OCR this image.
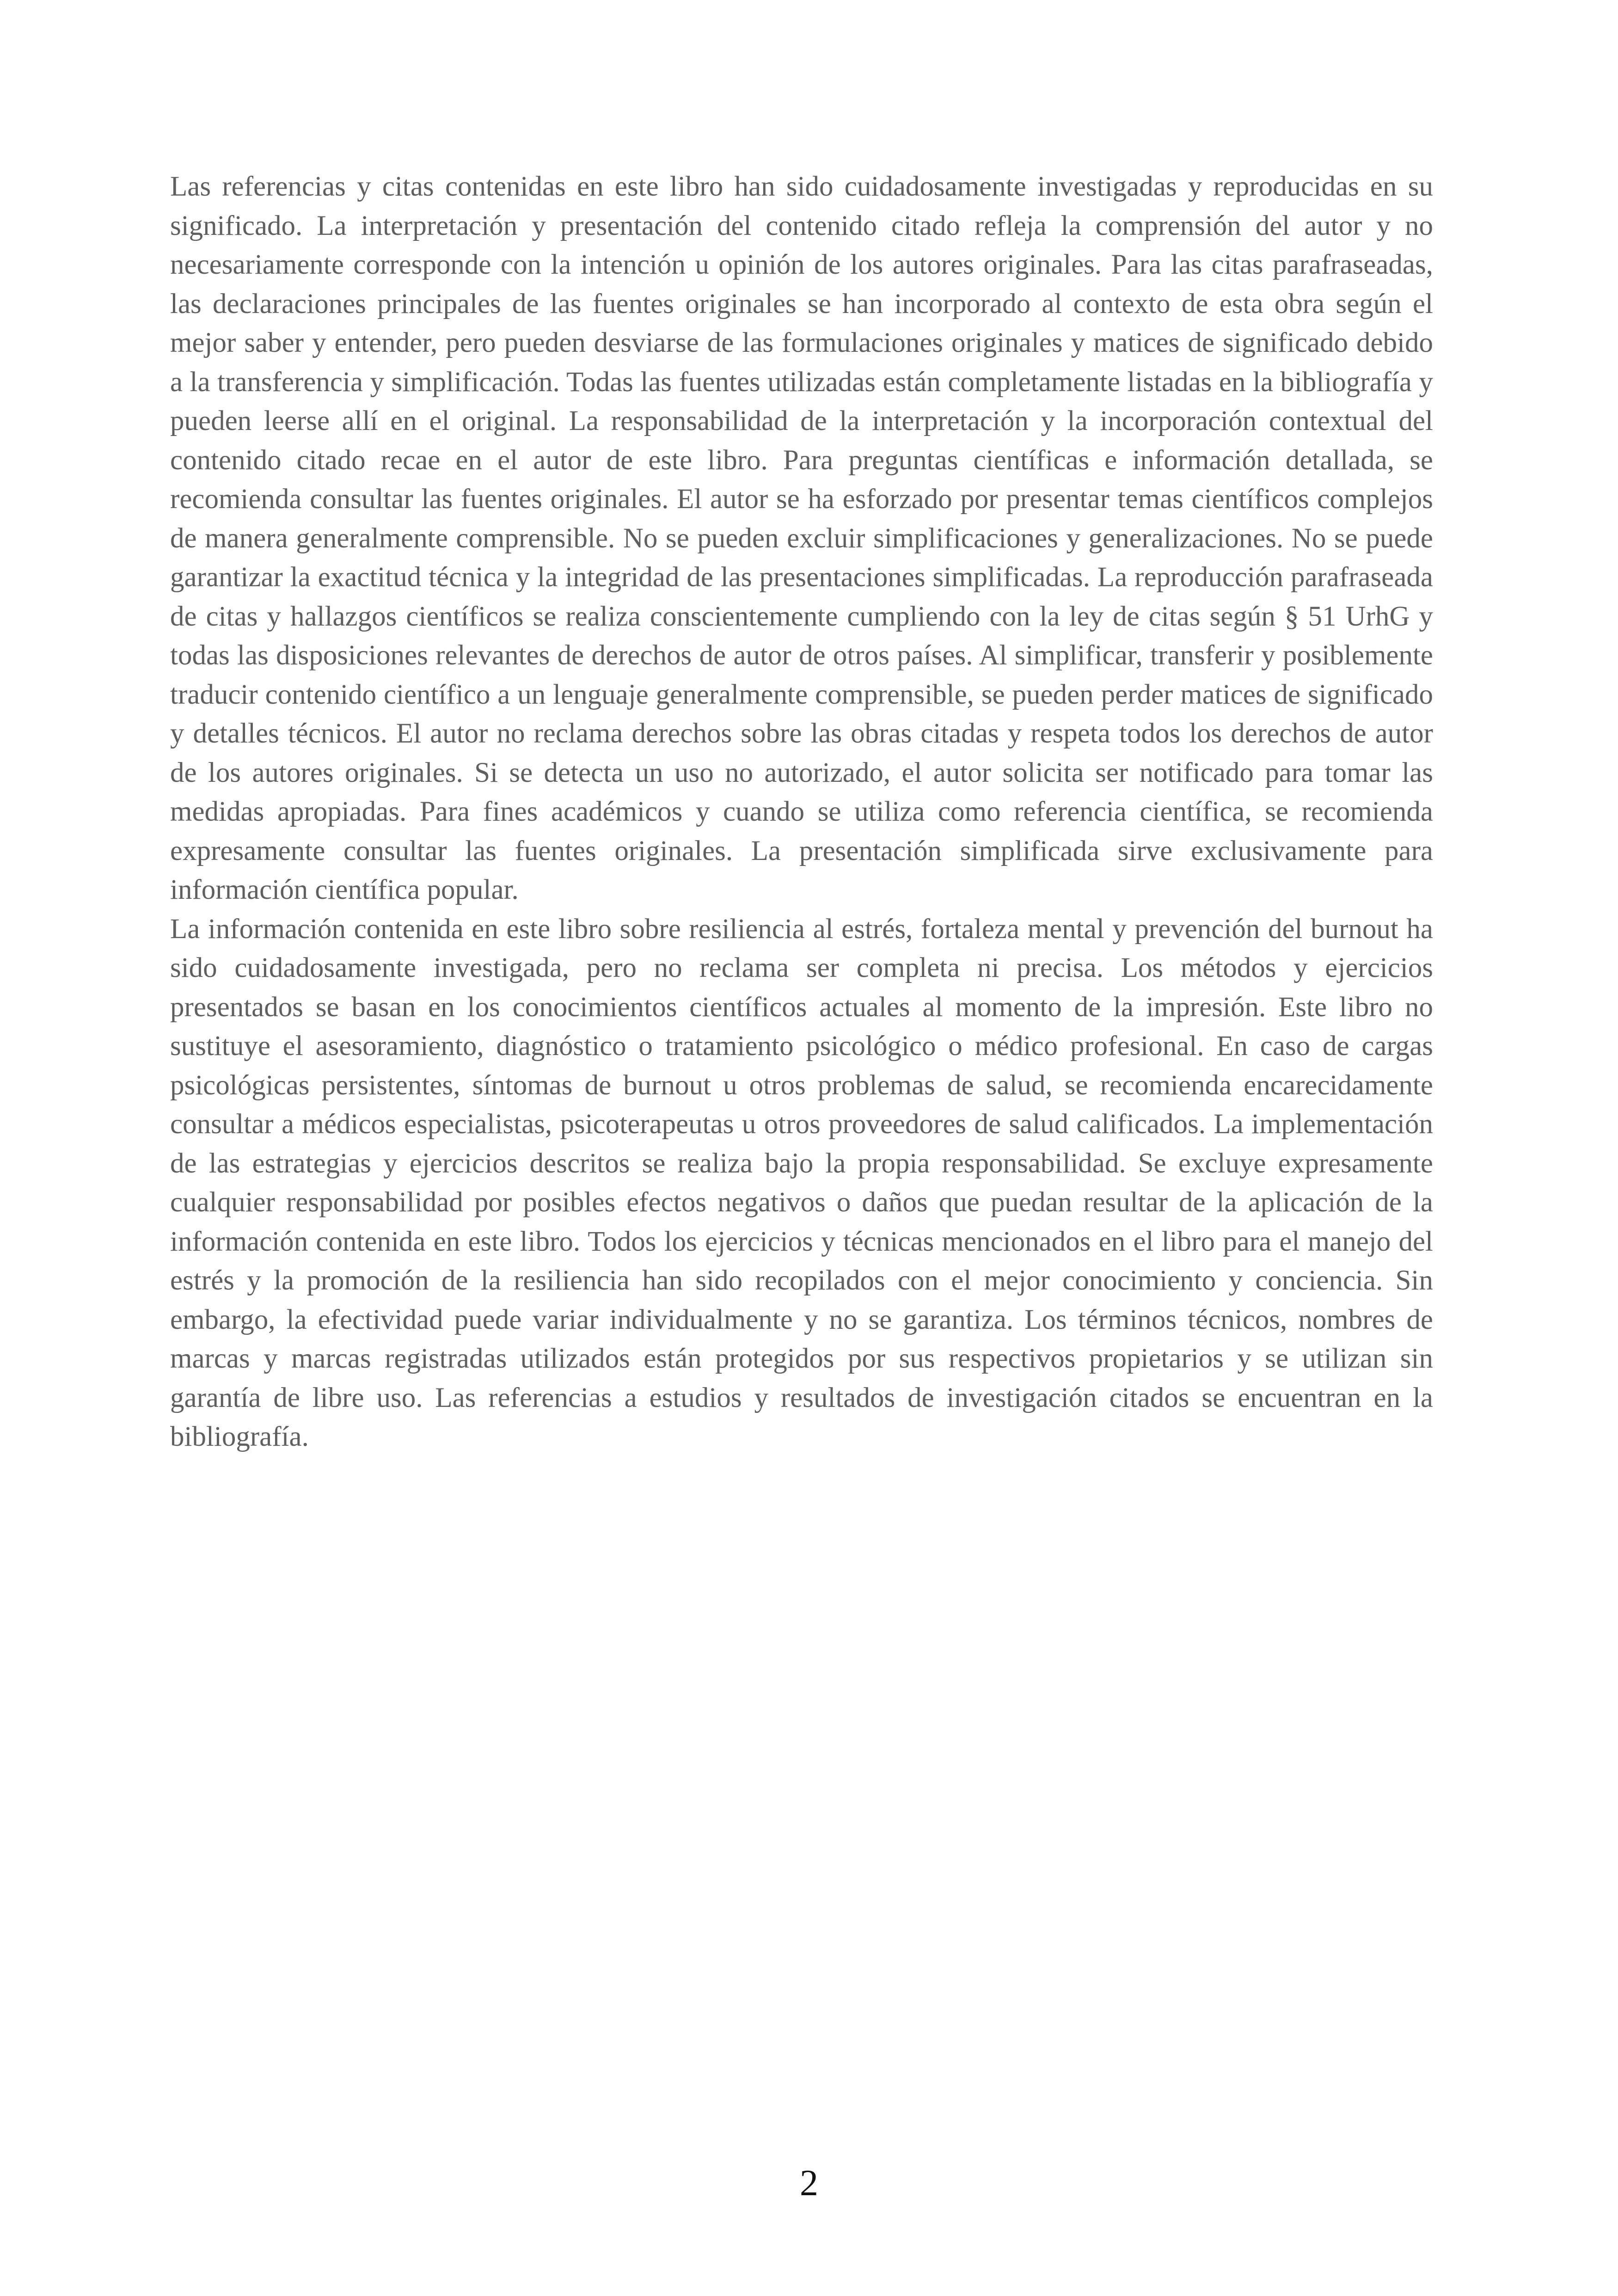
Las referencias y citas contenidas en este libro han sido cuidadosamente investigadas y reproducidas en su significado. La interpretación y presentación del contenido citado refleja la comprensión del autor y no necesariamente corresponde con la intención u opinión de los autores originales. Para las citas parafraseadas, las declaraciones principales de las fuentes originales se han incorporado al contexto de esta obra según el mejor saber y entender, pero pueden desviarse de las formulaciones originales y matices de significado debido a la transferencia y simplificación. Todas las fuentes utilizadas están completamente listadas en la bibliografía y pueden leerse allí en el original. La responsabilidad de la interpretación y la incorporación contextual del contenido citado recae en el autor de este libro. Para preguntas científicas e información detallada, se recomienda consultar las fuentes originales. El autor se ha esforzado por presentar temas científicos complejos de manera generalmente comprensible. No se pueden excluir simplificaciones y generalizaciones. No se puede garantizar la exactitud técnica y la integridad de las presentaciones simplificadas. La reproducción parafraseada de citas y hallazgos científicos se realiza conscientemente cumpliendo con la ley de citas según § 51 UrhG y todas las disposiciones relevantes de derechos de autor de otros países. Al simplificar, transferir y posiblemente traducir contenido científico a un lenguaje generalmente comprensible, se pueden perder matices de significado y detalles técnicos. El autor no reclama derechos sobre las obras citadas y respeta todos los derechos de autor de los autores originales. Si se detecta un uso no autorizado, el autor solicita ser notificado para tomar las medidas apropiadas. Para fines académicos y cuando se utiliza como referencia científica, se recomienda expresamente consultar las fuentes originales. La presentación simplificada sirve exclusivamente para información científica popular.

La información contenida en este libro sobre resiliencia al estrés, fortaleza mental y prevención del burnout ha sido cuidadosamente investigada, pero no reclama ser completa ni precisa. Los métodos y ejercicios presentados se basan en los conocimientos científicos actuales al momento de la impresión. Este libro no sustituye el asesoramiento, diagnóstico o tratamiento psicológico o médico profesional. En caso de cargas psicológicas persistentes, síntomas de burnout u otros problemas de salud, se recomienda encarecidamente consultar a médicos especialistas, psicoterapeutas u otros proveedores de salud calificados. La implementación de las estrategias y ejercicios descritos se realiza bajo la propia responsabilidad. Se excluye expresamente cualquier responsabilidad por posibles efectos negativos o daños que puedan resultar de la aplicación de la información contenida en este libro. Todos los ejercicios y técnicas mencionados en el libro para el manejo del estrés y la promoción de la resiliencia han sido recopilados con el mejor conocimiento y conciencia. Sin embargo, la efectividad puede variar individualmente y no se garantiza. Los términos técnicos, nombres de marcas y marcas registradas utilizados están protegidos por sus respectivos propietarios y se utilizan sin garantía de libre uso. Las referencias a estudios y resultados de investigación citados se encuentran en la bibliografía.

2
